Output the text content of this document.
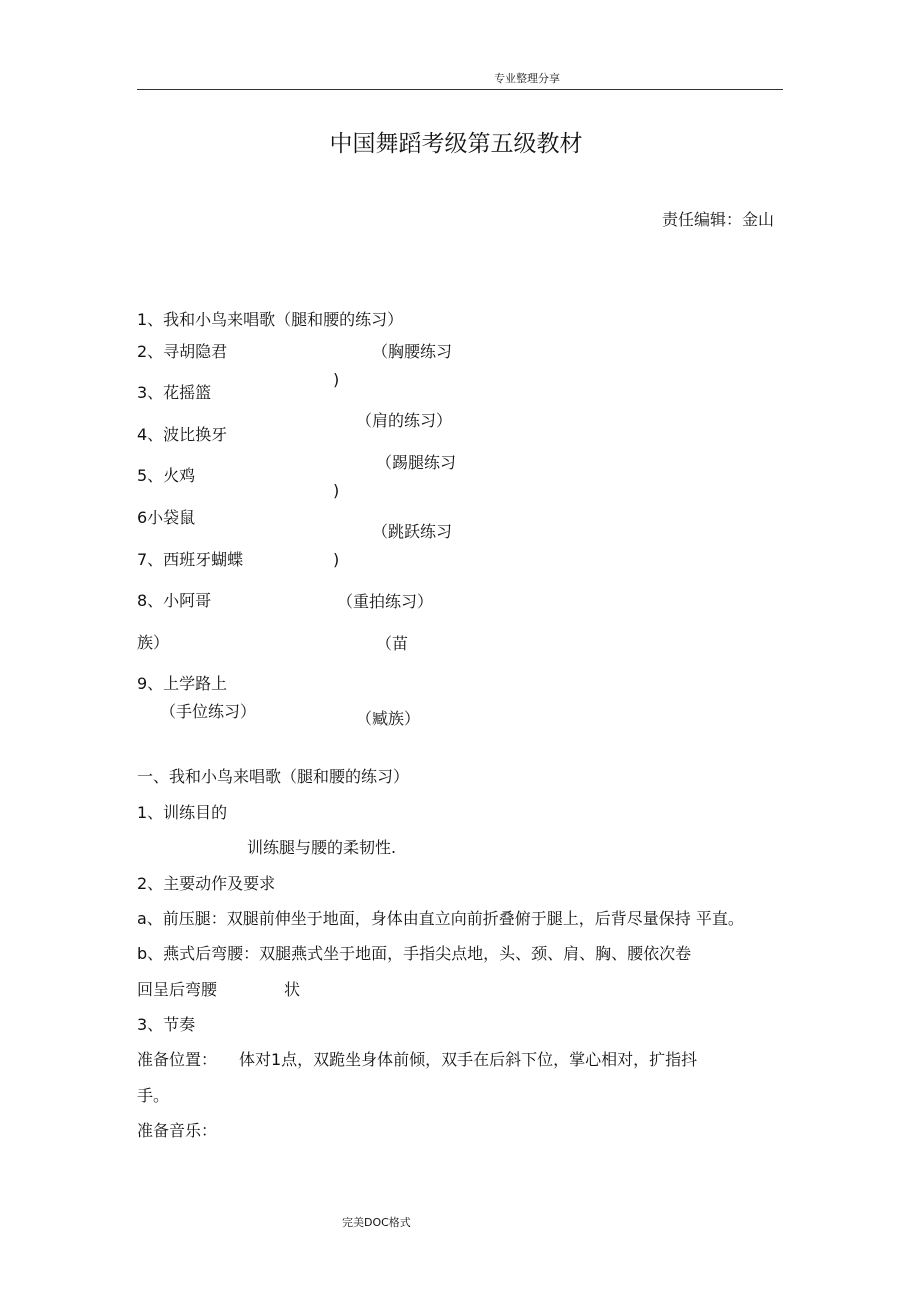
专业整理分享
中国舞蹈考级第五级教材
责任编辑：金山
1、我和小鸟来唱歌（腿和腰的练习）
2、寻胡隐君
3、花摇篮
4、波比换牙
5、火鸡
6小袋鼠
7、西班牙蝴蝶
8、小阿哥
族）
9、上学路上
（手位练习）
（胸腰练习
)
（肩的练习）
（踢腿练习
)
（跳跃练习
)
（重拍练习）
（苗
（臧族）
一、我和小鸟来唱歌（腿和腰的练习）
1、训练目的
训练腿与腰的柔韧性.
2、主要动作及要求
a、前压腿：双腿前伸坐于地面，身体由直立向前折叠俯于腿上，后背尽量保持 平直。
b、燕式后弯腰：双腿燕式坐于地面，手指尖点地，头、颈、肩、胸、腰依次卷
回呈后弯腰	状
3、节奏
准备位置： 体对1点，双跪坐身体前倾，双手在后斜下位，掌心相对，扩指抖
手。
准备音乐：
完美DOC格式
